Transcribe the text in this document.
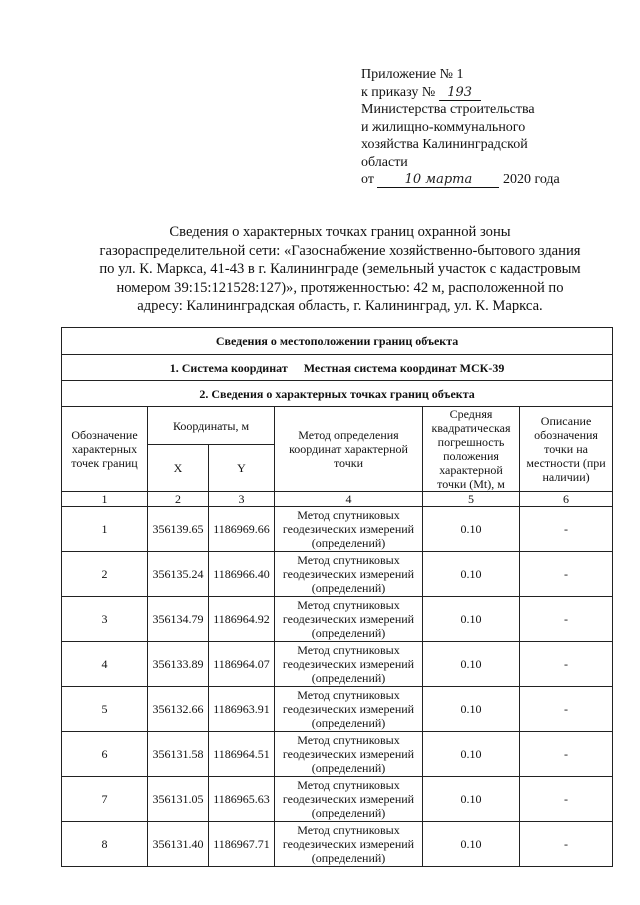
Приложение № 1
к приказу № 193
Министерства строительства
и жилищно-коммунального
хозяйства Калининградской
области
от 10 марта 2020 года
Сведения о характерных точках границ охранной зоны
газораспределительной сети: «Газоснабжение хозяйственно-бытового здания
по ул. К. Маркса, 41-43 в г. Калининграде (земельный участок с кадастровым
номером 39:15:121528:127)», протяженностью: 42 м, расположенной по
адресу: Калининградская область, г. Калининград, ул. К. Маркса.
Сведения о местоположении границ объекта					
1. Система координат Местная система координат МСК-39					
2. Сведения о характерных точках границ объекта					
Обозначение характерных точек границ	Координаты, м		Метод определения координат характерной точки	Средняя квадратическая погрешность положения характерной точки (Mt), м	Описание обозначения точки на местности (при наличии)
	X	Y			
1	2	3	4	5	6
1	356139.65	1186969.66	Метод спутниковых геодезических измерений (определений)	0.10	-
2	356135.24	1186966.40	Метод спутниковых геодезических измерений (определений)	0.10	-
3	356134.79	1186964.92	Метод спутниковых геодезических измерений (определений)	0.10	-
4	356133.89	1186964.07	Метод спутниковых геодезических измерений (определений)	0.10	-
5	356132.66	1186963.91	Метод спутниковых геодезических измерений (определений)	0.10	-
6	356131.58	1186964.51	Метод спутниковых геодезических измерений (определений)	0.10	-
7	356131.05	1186965.63	Метод спутниковых геодезических измерений (определений)	0.10	-
8	356131.40	1186967.71	Метод спутниковых геодезических измерений (определений)	0.10	-
